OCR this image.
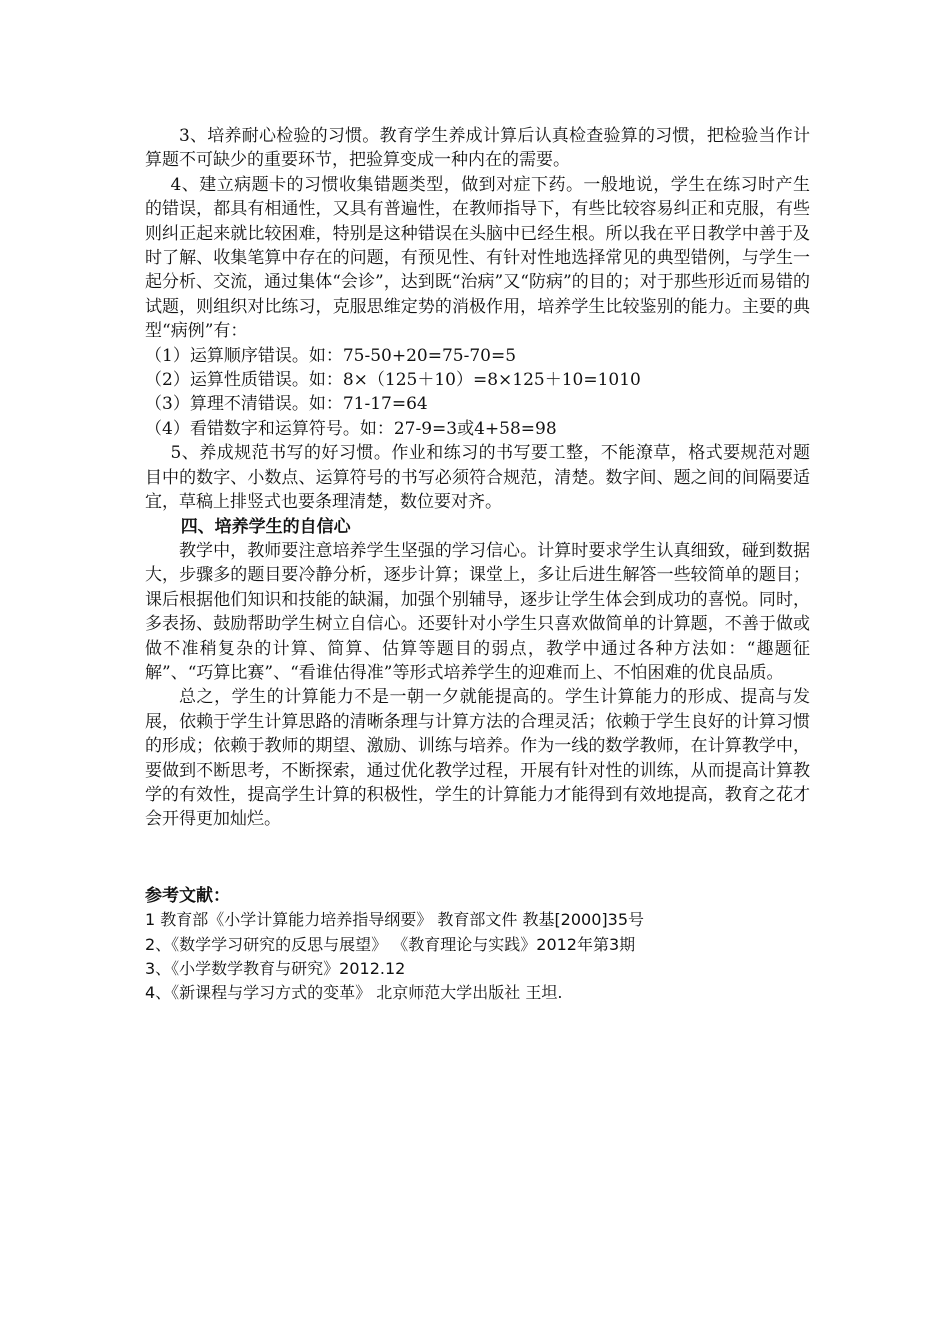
3、培养耐心检验的习惯。教育学生养成计算后认真检查验算的习惯，把检验当作计算题不可缺少的重要环节，把验算变成一种内在的需要。

4、建立病题卡的习惯收集错题类型，做到对症下药。一般地说，学生在练习时产生的错误，都具有相通性，又具有普遍性，在教师指导下，有些比较容易纠正和克服，有些则纠正起来就比较困难，特别是这种错误在头脑中已经生根。所以我在平日教学中善于及时了解、收集笔算中存在的问题，有预见性、有针对性地选择常见的典型错例，与学生一起分析、交流，通过集体“会诊”，达到既“治病”又“防病”的目的；对于那些形近而易错的试题，则组织对比练习，克服思维定势的消极作用，培养学生比较鉴别的能力。主要的典型“病例”有：

（1）运算顺序错误。如：75-50+20=75-70=5

（2）运算性质错误。如：8×（125＋10）=8×125＋10=1010

（3）算理不清错误。如：71-17=64

（4）看错数字和运算符号。如：27-9=3或4+58=98

5、养成规范书写的好习惯。作业和练习的书写要工整，不能潦草，格式要规范对题目中的数字、小数点、运算符号的书写必须符合规范，清楚。数字间、题之间的间隔要适宜，草稿上排竖式也要条理清楚，数位要对齐。

四、培养学生的自信心

教学中，教师要注意培养学生坚强的学习信心。计算时要求学生认真细致，碰到数据大，步骤多的题目要冷静分析，逐步计算；课堂上，多让后进生解答一些较简单的题目；课后根据他们知识和技能的缺漏，加强个别辅导，逐步让学生体会到成功的喜悦。同时，多表扬、鼓励帮助学生树立自信心。还要针对小学生只喜欢做简单的计算题，不善于做或做不准稍复杂的计算、简算、估算等题目的弱点，教学中通过各种方法如：“趣题征解”、“巧算比赛”、“看谁估得准”等形式培养学生的迎难而上、不怕困难的优良品质。

总之，学生的计算能力不是一朝一夕就能提高的。学生计算能力的形成、提高与发展，依赖于学生计算思路的清晰条理与计算方法的合理灵活；依赖于学生良好的计算习惯的形成；依赖于教师的期望、激励、训练与培养。作为一线的数学教师，在计算教学中，要做到不断思考，不断探索，通过优化教学过程，开展有针对性的训练，从而提高计算教学的有效性，提高学生计算的积极性，学生的计算能力才能得到有效地提高，教育之花才会开得更加灿烂。

参考文献：

1 教育部《小学计算能力培养指导纲要》 教育部文件 教基[2000]35号

2、《数学学习研究的反思与展望》 《教育理论与实践》2012年第3期

3、《小学数学教育与研究》2012.12

4、《新课程与学习方式的变革》 北京师范大学出版社 王坦.
